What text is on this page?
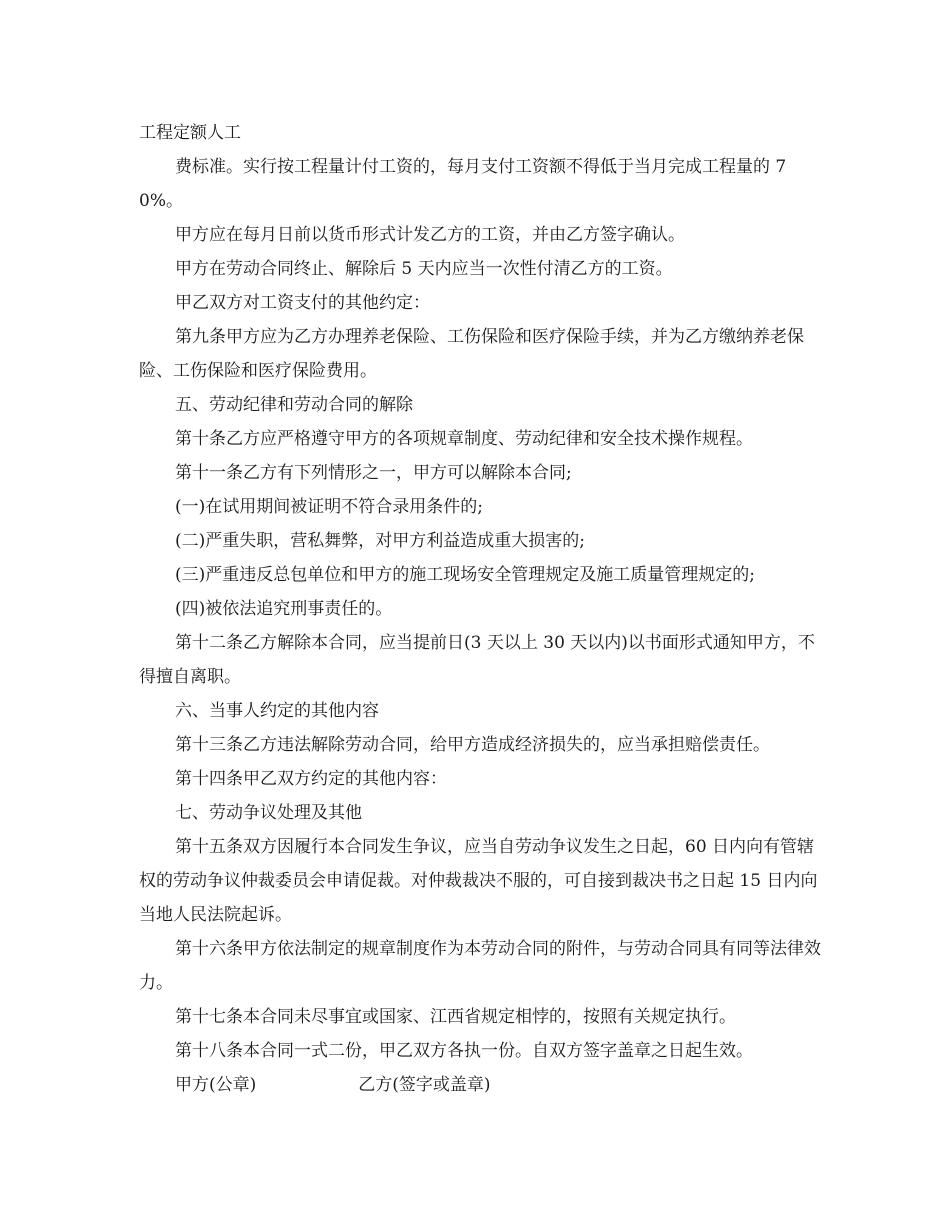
工程定额人工

费标准。实行按工程量计付工资的，每月支付工资额不得低于当月完成工程量的 70%。

甲方应在每月日前以货币形式计发乙方的工资，并由乙方签字确认。

甲方在劳动合同终止、解除后 5 天内应当一次性付清乙方的工资。

甲乙双方对工资支付的其他约定：

第九条甲方应为乙方办理养老保险、工伤保险和医疗保险手续，并为乙方缴纳养老保险、工伤保险和医疗保险费用。

五、劳动纪律和劳动合同的解除

第十条乙方应严格遵守甲方的各项规章制度、劳动纪律和安全技术操作规程。

第十一条乙方有下列情形之一，甲方可以解除本合同;

(一)在试用期间被证明不符合录用条件的;

(二)严重失职，营私舞弊，对甲方利益造成重大损害的;

(三)严重违反总包单位和甲方的施工现场安全管理规定及施工质量管理规定的;

(四)被依法追究刑事责任的。

第十二条乙方解除本合同，应当提前日(3 天以上 30 天以内)以书面形式通知甲方，不得擅自离职。

六、当事人约定的其他内容

第十三条乙方违法解除劳动合同，给甲方造成经济损失的，应当承担赔偿责任。

第十四条甲乙双方约定的其他内容：

七、劳动争议处理及其他

第十五条双方因履行本合同发生争议，应当自劳动争议发生之日起，60 日内向有管辖权的劳动争议仲裁委员会申请促裁。对仲裁裁决不服的，可自接到裁决书之日起 15 日内向当地人民法院起诉。

第十六条甲方依法制定的规章制度作为本劳动合同的附件，与劳动合同具有同等法律效力。

第十七条本合同未尽事宜或国家、江西省规定相悖的，按照有关规定执行。

第十八条本合同一式二份，甲乙双方各执一份。自双方签字盖章之日起生效。

甲方(公章)	乙方(签字或盖章)
